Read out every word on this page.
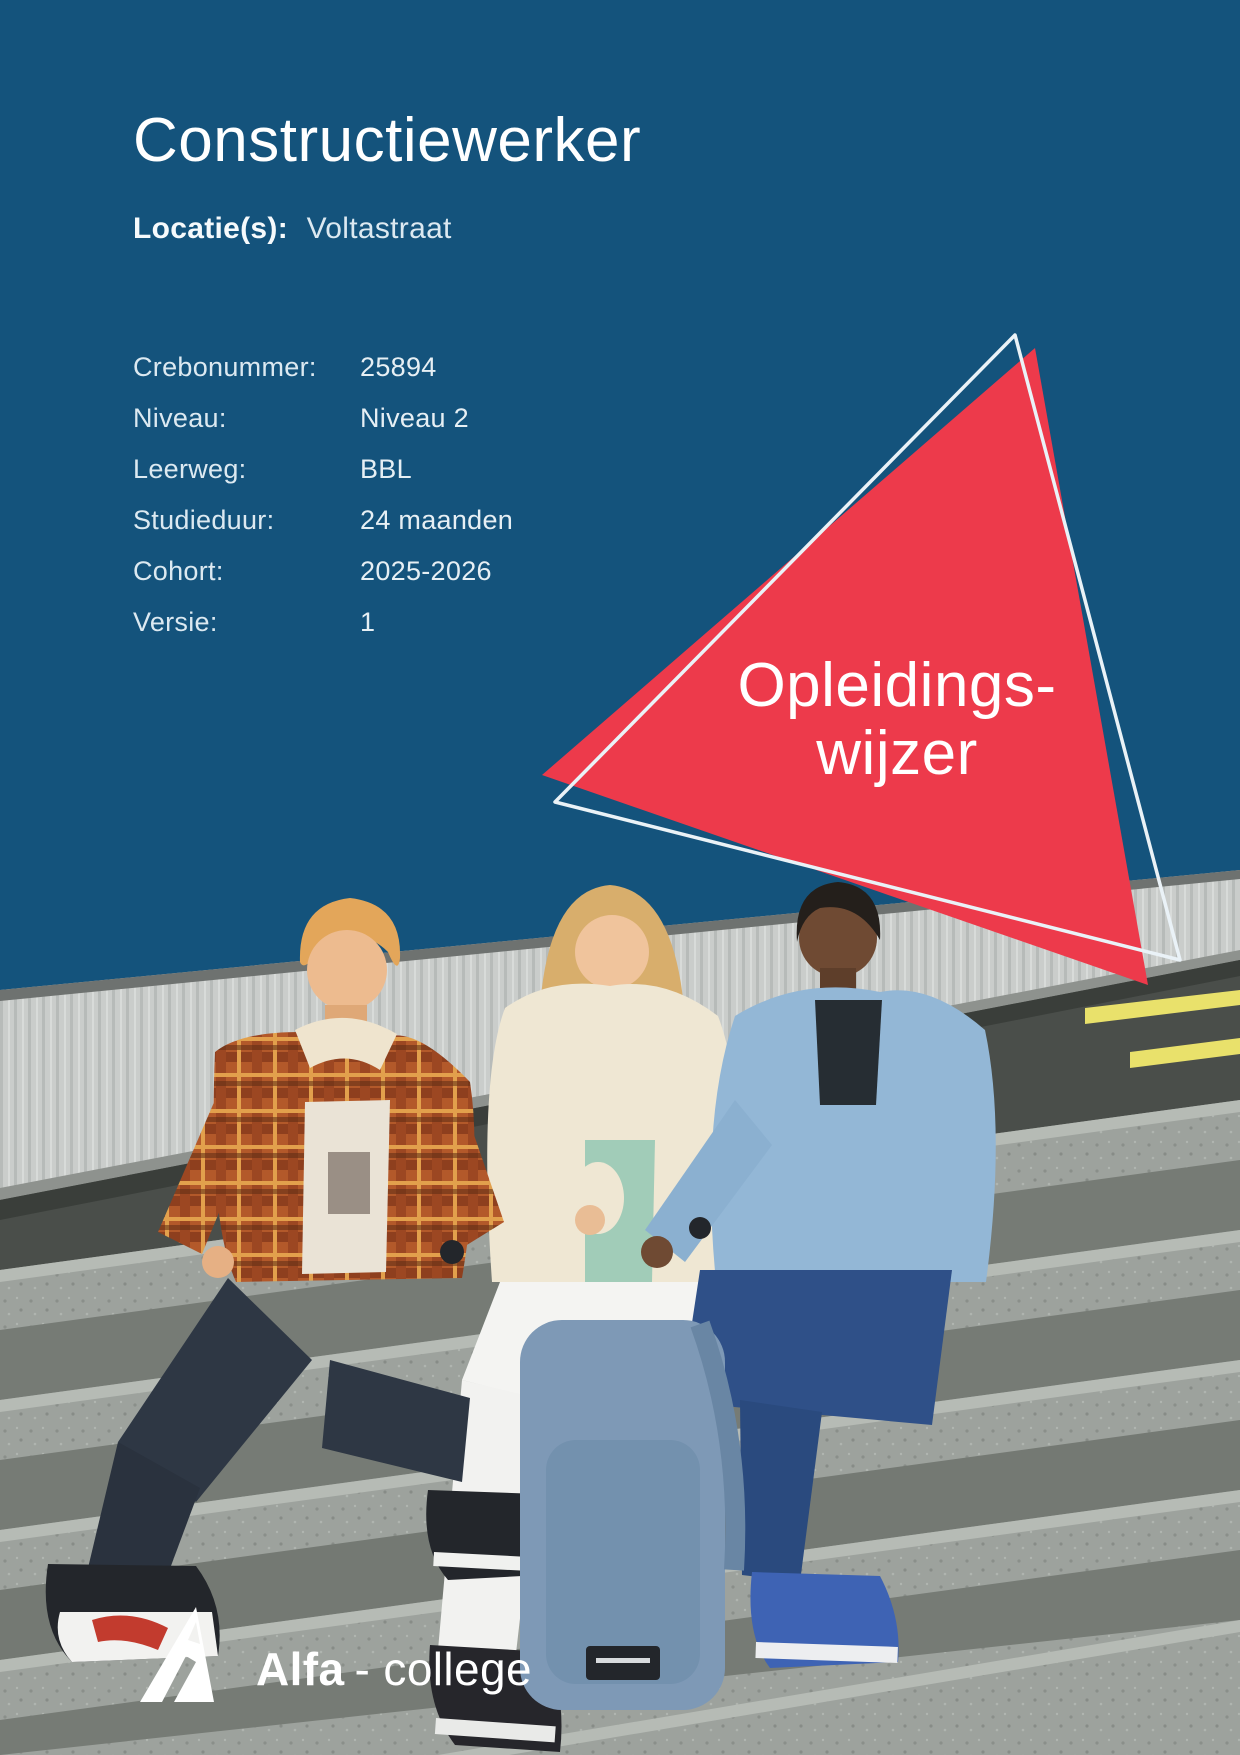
Opleidings-
wijzer
Constructiewerker
Locatie(s): Voltastraat
Crebonummer:	25894
Niveau:	Niveau 2
Leerweg:	BBL
Studieduur:	24 maanden
Cohort:	2025-2026
Versie:	1
Alfa - college
